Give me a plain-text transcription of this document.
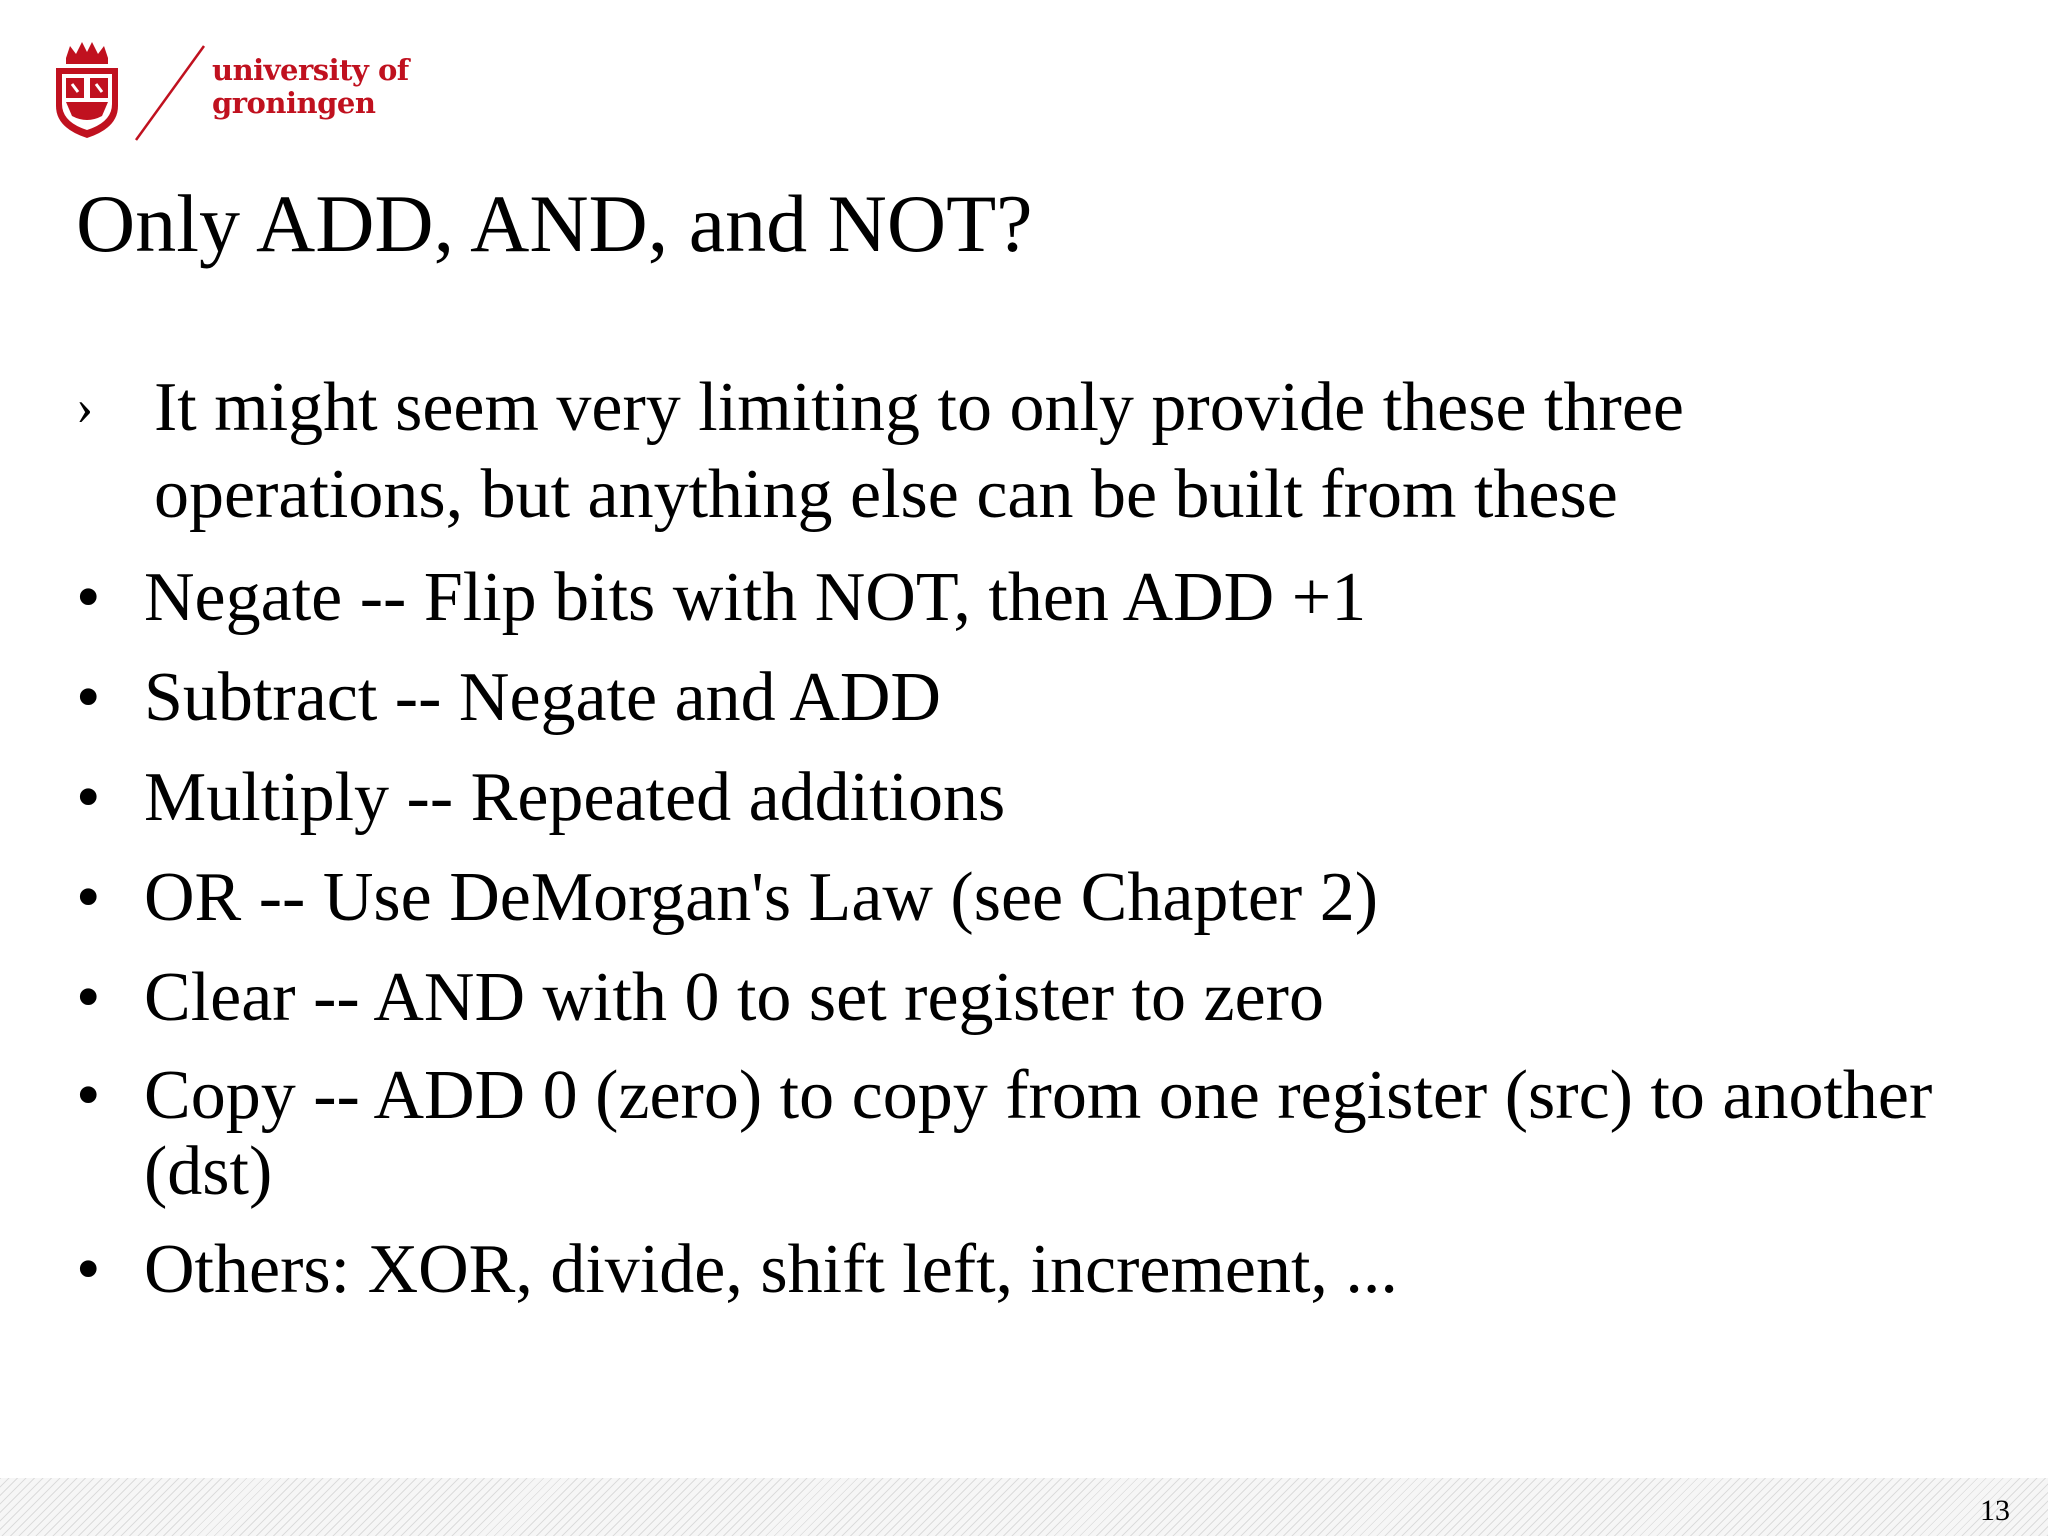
university of
groningen
Only ADD, AND, and NOT?
› It might seem very limiting to only provide these three operations, but anything else can be built from these
• Negate -- Flip bits with NOT, then ADD +1
• Subtract -- Negate and ADD
• Multiply -- Repeated additions
• OR -- Use DeMorgan's Law (see Chapter 2)
• Clear -- AND with 0 to set register to zero
• Copy -- ADD 0 (zero) to copy from one register (src) to another (dst)
• Others: XOR, divide, shift left, increment, ...
13
